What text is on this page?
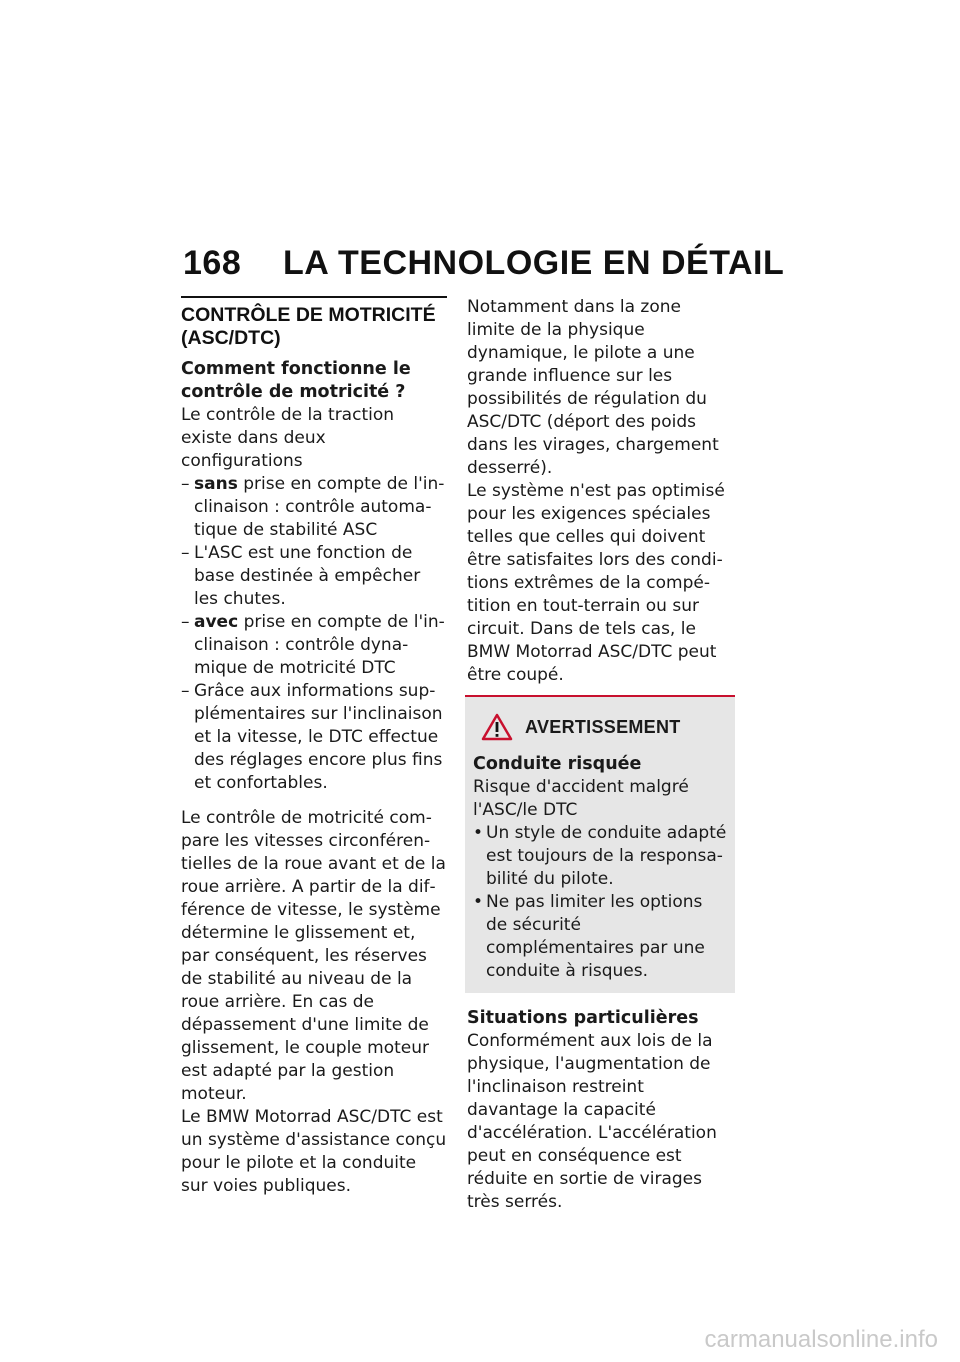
168 LA TECHNOLOGIE EN DÉTAIL
CONTRÔLE DE MOTRICITÉ (ASC/DTC)
Comment fonctionne le contrôle de motricité ?

Le contrôle de la traction existe dans deux configurations

– sans prise en compte de l'inclinaison : contrôle automatique de stabilité ASC
– L'ASC est une fonction de base destinée à empêcher les chutes.
– avec prise en compte de l'inclinaison : contrôle dynamique de motricité DTC
– Grâce aux informations supplémentaires sur l'inclinaison et la vitesse, le DTC effectue des réglages encore plus fins et confortables.

Le contrôle de motricité compare les vitesses circonférentielles de la roue avant et de la roue arrière. A partir de la différence de vitesse, le système détermine le glissement et, par conséquent, les réserves de stabilité au niveau de la roue arrière. En cas de dépassement d'une limite de glissement, le couple moteur est adapté par la gestion moteur.

Le BMW Motorrad ASC/DTC est un système d'assistance conçu pour le pilote et la conduite sur voies publiques.

Notamment dans la zone limite de la physique dynamique, le pilote a une grande influence sur les possibilités de régulation du ASC/DTC (déport des poids dans les virages, chargement desserré).

Le système n'est pas optimisé pour les exigences spéciales telles que celles qui doivent être satisfaites lors des conditions extrêmes de la compétition en tout-terrain ou sur circuit. Dans de tels cas, le BMW Motorrad ASC/DTC peut être coupé.

AVERTISSEMENT
Conduite risquée

Risque d'accident malgré l'ASC/le DTC

• Un style de conduite adapté est toujours de la responsabilité du pilote.
• Ne pas limiter les options de sécurité complémentaires par une conduite à risques.
Situations particulières

Conformément aux lois de la physique, l'augmentation de l'inclinaison restreint davantage la capacité d'accélération. L'accélération peut en conséquence est réduite en sortie de virages très serrés.

carmanualsonline.info
